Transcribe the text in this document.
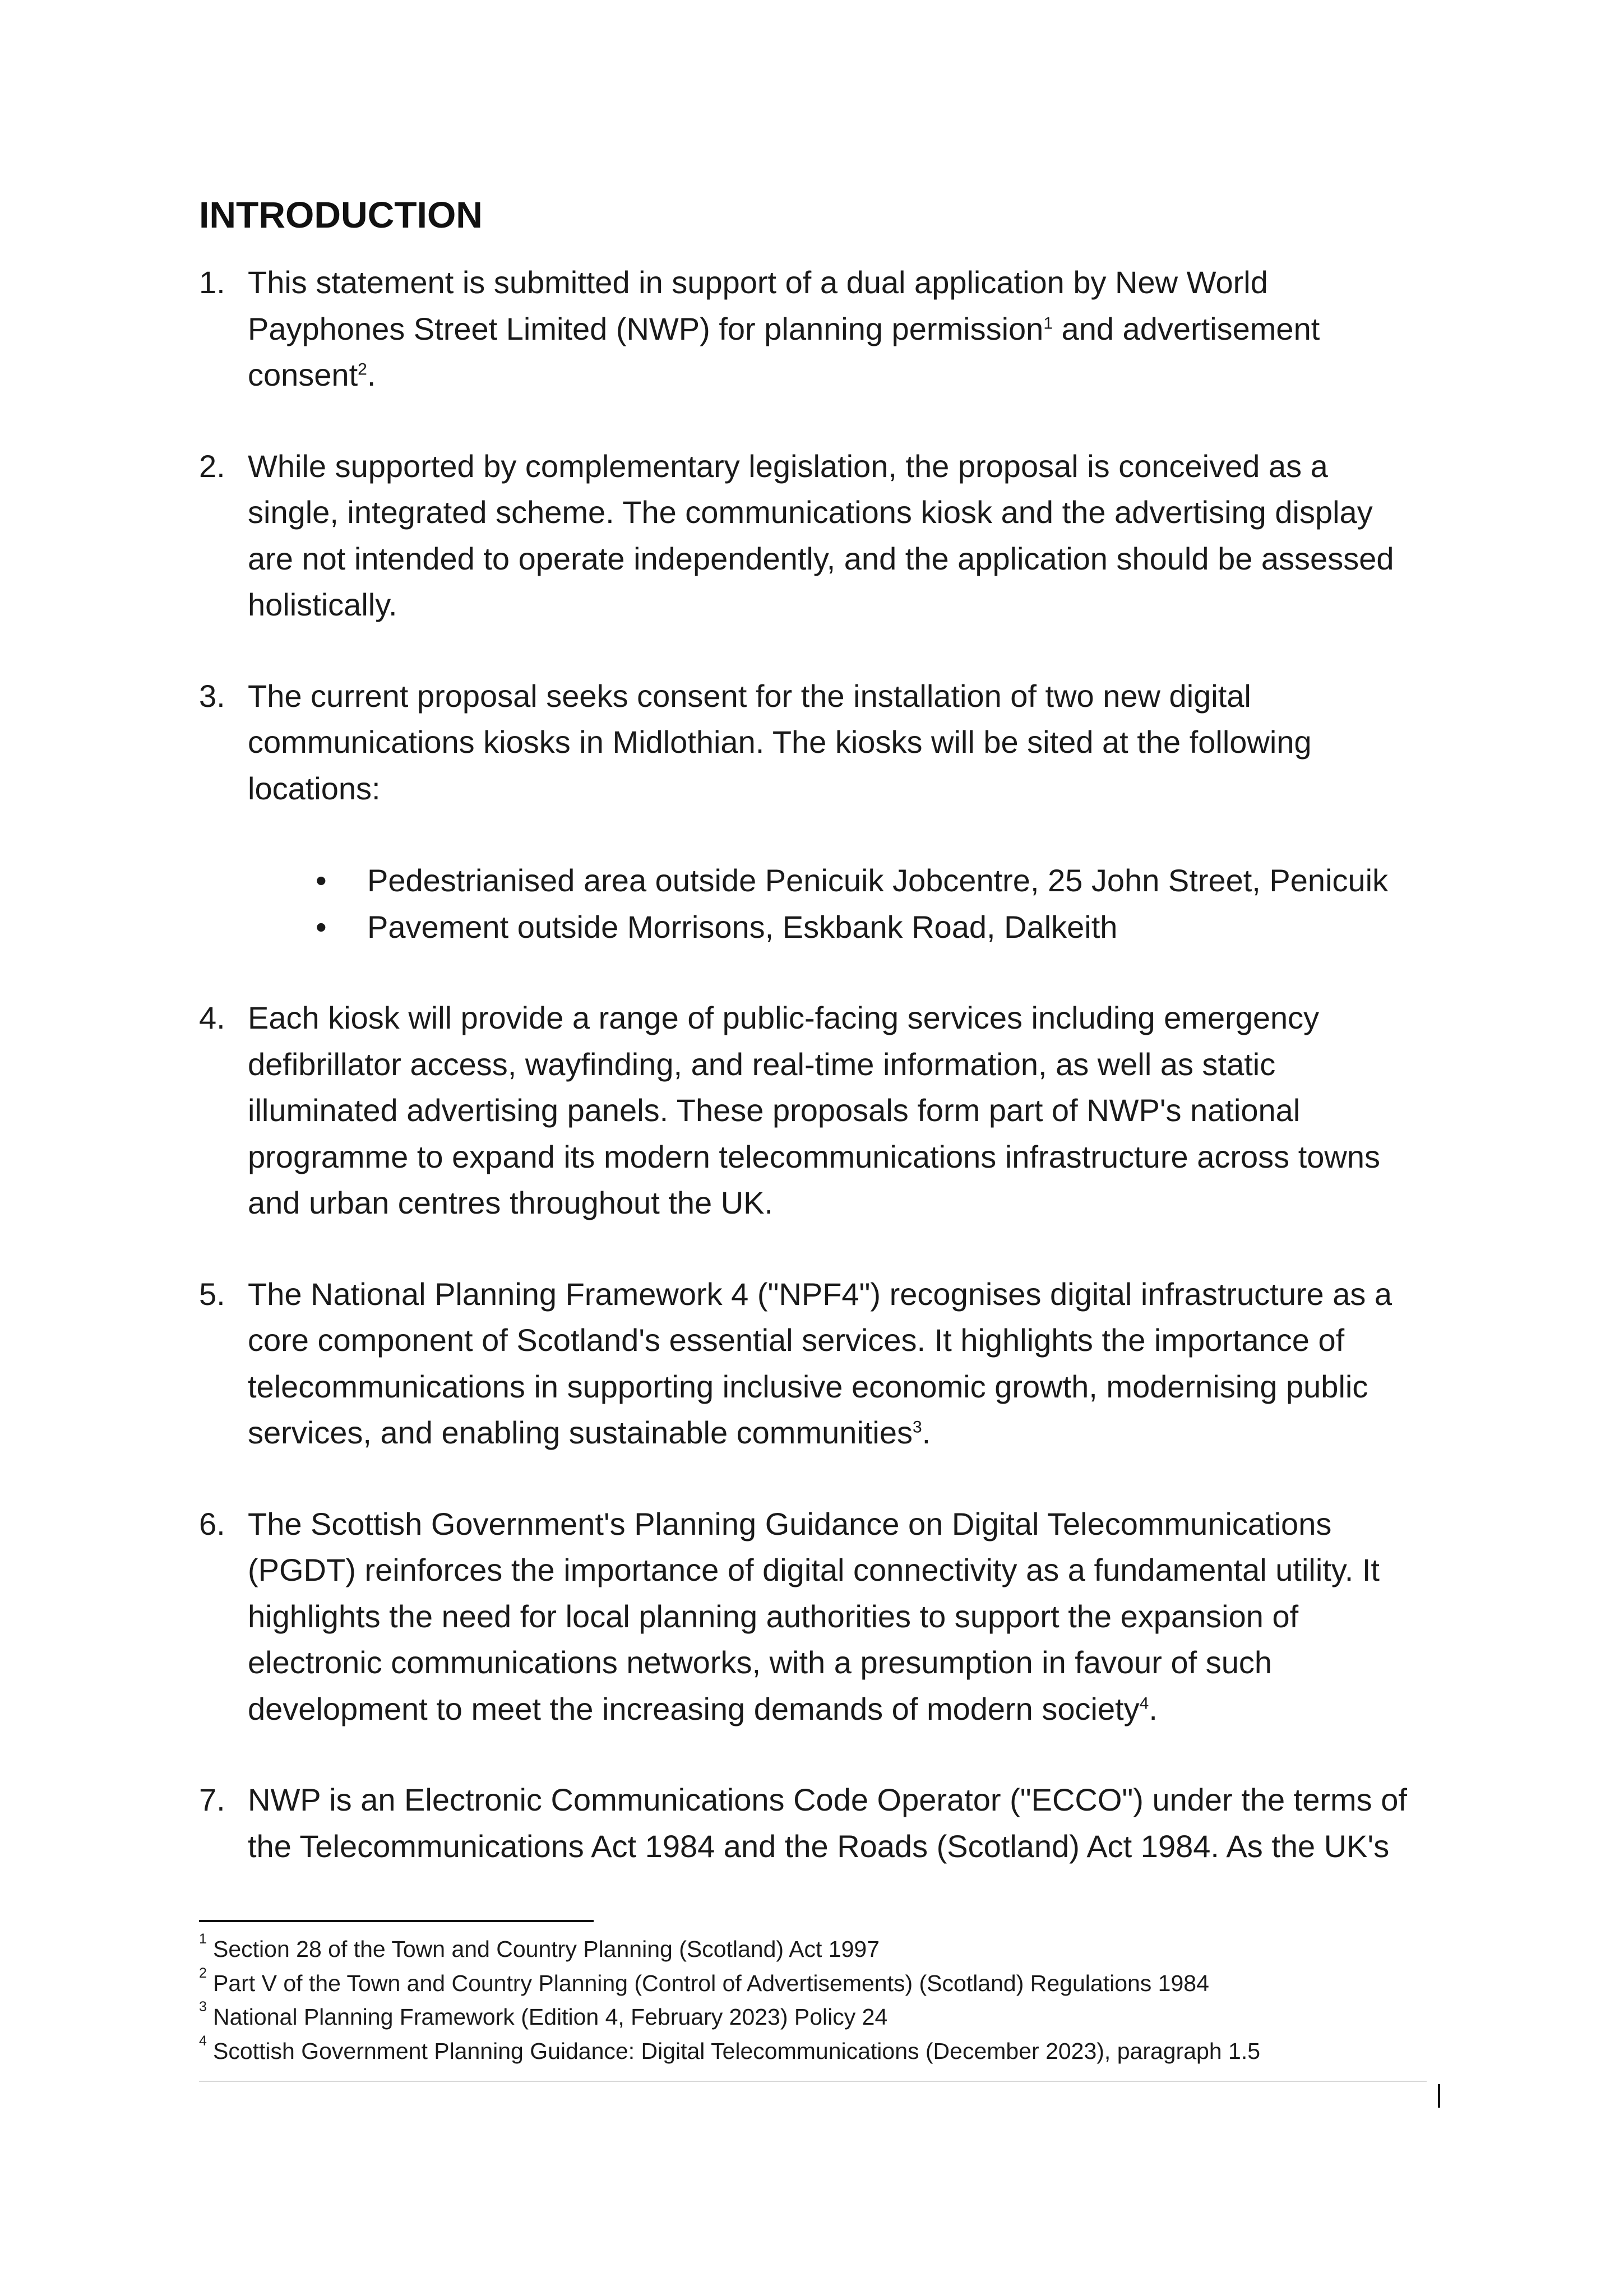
INTRODUCTION

1. This statement is submitted in support of a dual application by New World
Payphones Street Limited (NWP) for planning permission$^1$ and advertisement
consent$^2$.

2. While supported by complementary legislation, the proposal is conceived as a
single, integrated scheme. The communications kiosk and the advertising display
are not intended to operate independently, and the application should be assessed
holistically.

3. The current proposal seeks consent for the installation of two new digital
communications kiosks in Midlothian. The kiosks will be sited at the following
locations:

• Pedestrianised area outside Penicuik Jobcentre, 25 John Street, Penicuik
• Pavement outside Morrisons, Eskbank Road, Dalkeith

4. Each kiosk will provide a range of public-facing services including emergency
defibrillator access, wayfinding, and real-time information, as well as static
illuminated advertising panels. These proposals form part of NWP's national
programme to expand its modern telecommunications infrastructure across towns
and urban centres throughout the UK.

5. The National Planning Framework 4 ("NPF4") recognises digital infrastructure as a
core component of Scotland's essential services. It highlights the importance of
telecommunications in supporting inclusive economic growth, modernising public
services, and enabling sustainable communities$^3$.

6. The Scottish Government's Planning Guidance on Digital Telecommunications
(PGDT) reinforces the importance of digital connectivity as a fundamental utility. It
highlights the need for local planning authorities to support the expansion of
electronic communications networks, with a presumption in favour of such
development to meet the increasing demands of modern society$^4$.

7. NWP is an Electronic Communications Code Operator ("ECCO") under the terms of
the Telecommunications Act 1984 and the Roads (Scotland) Act 1984. As the UK's

1 Section 28 of the Town and Country Planning (Scotland) Act 1997

2 Part V of the Town and Country Planning (Control of Advertisements) (Scotland) Regulations 1984

3 National Planning Framework (Edition 4, February 2023) Policy 24

4 Scottish Government Planning Guidance: Digital Telecommunications (December 2023), paragraph 1.5
